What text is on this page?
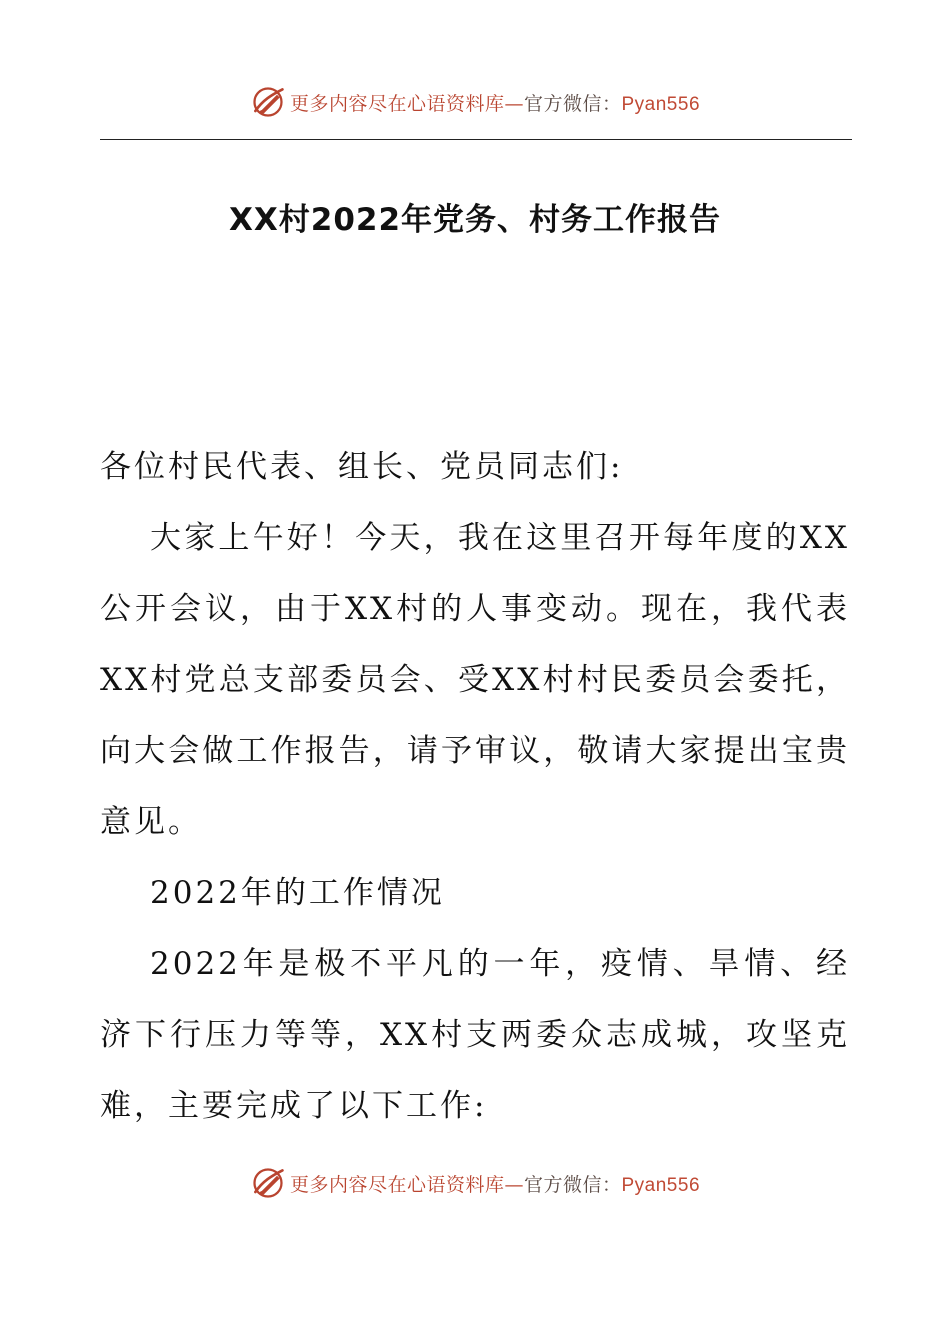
更多内容尽在心语资料库—官方微信：Pyan556
XX村2022年党务、村务工作报告

各位村民代表、组长、党员同志们:

大家上午好！今天，我在这里召开每年度的XX公开会议，由于XX村的人事变动。现在，我代表XX村党总支部委员会、受XX村村民委员会委托，向大会做工作报告，请予审议，敬请大家提出宝贵意见。

2022年的工作情况

2022年是极不平凡的一年，疫情、旱情、经济下行压力等等，XX村支两委众志成城，攻坚克难，主要完成了以下工作:

更多内容尽在心语资料库—官方微信：Pyan556
